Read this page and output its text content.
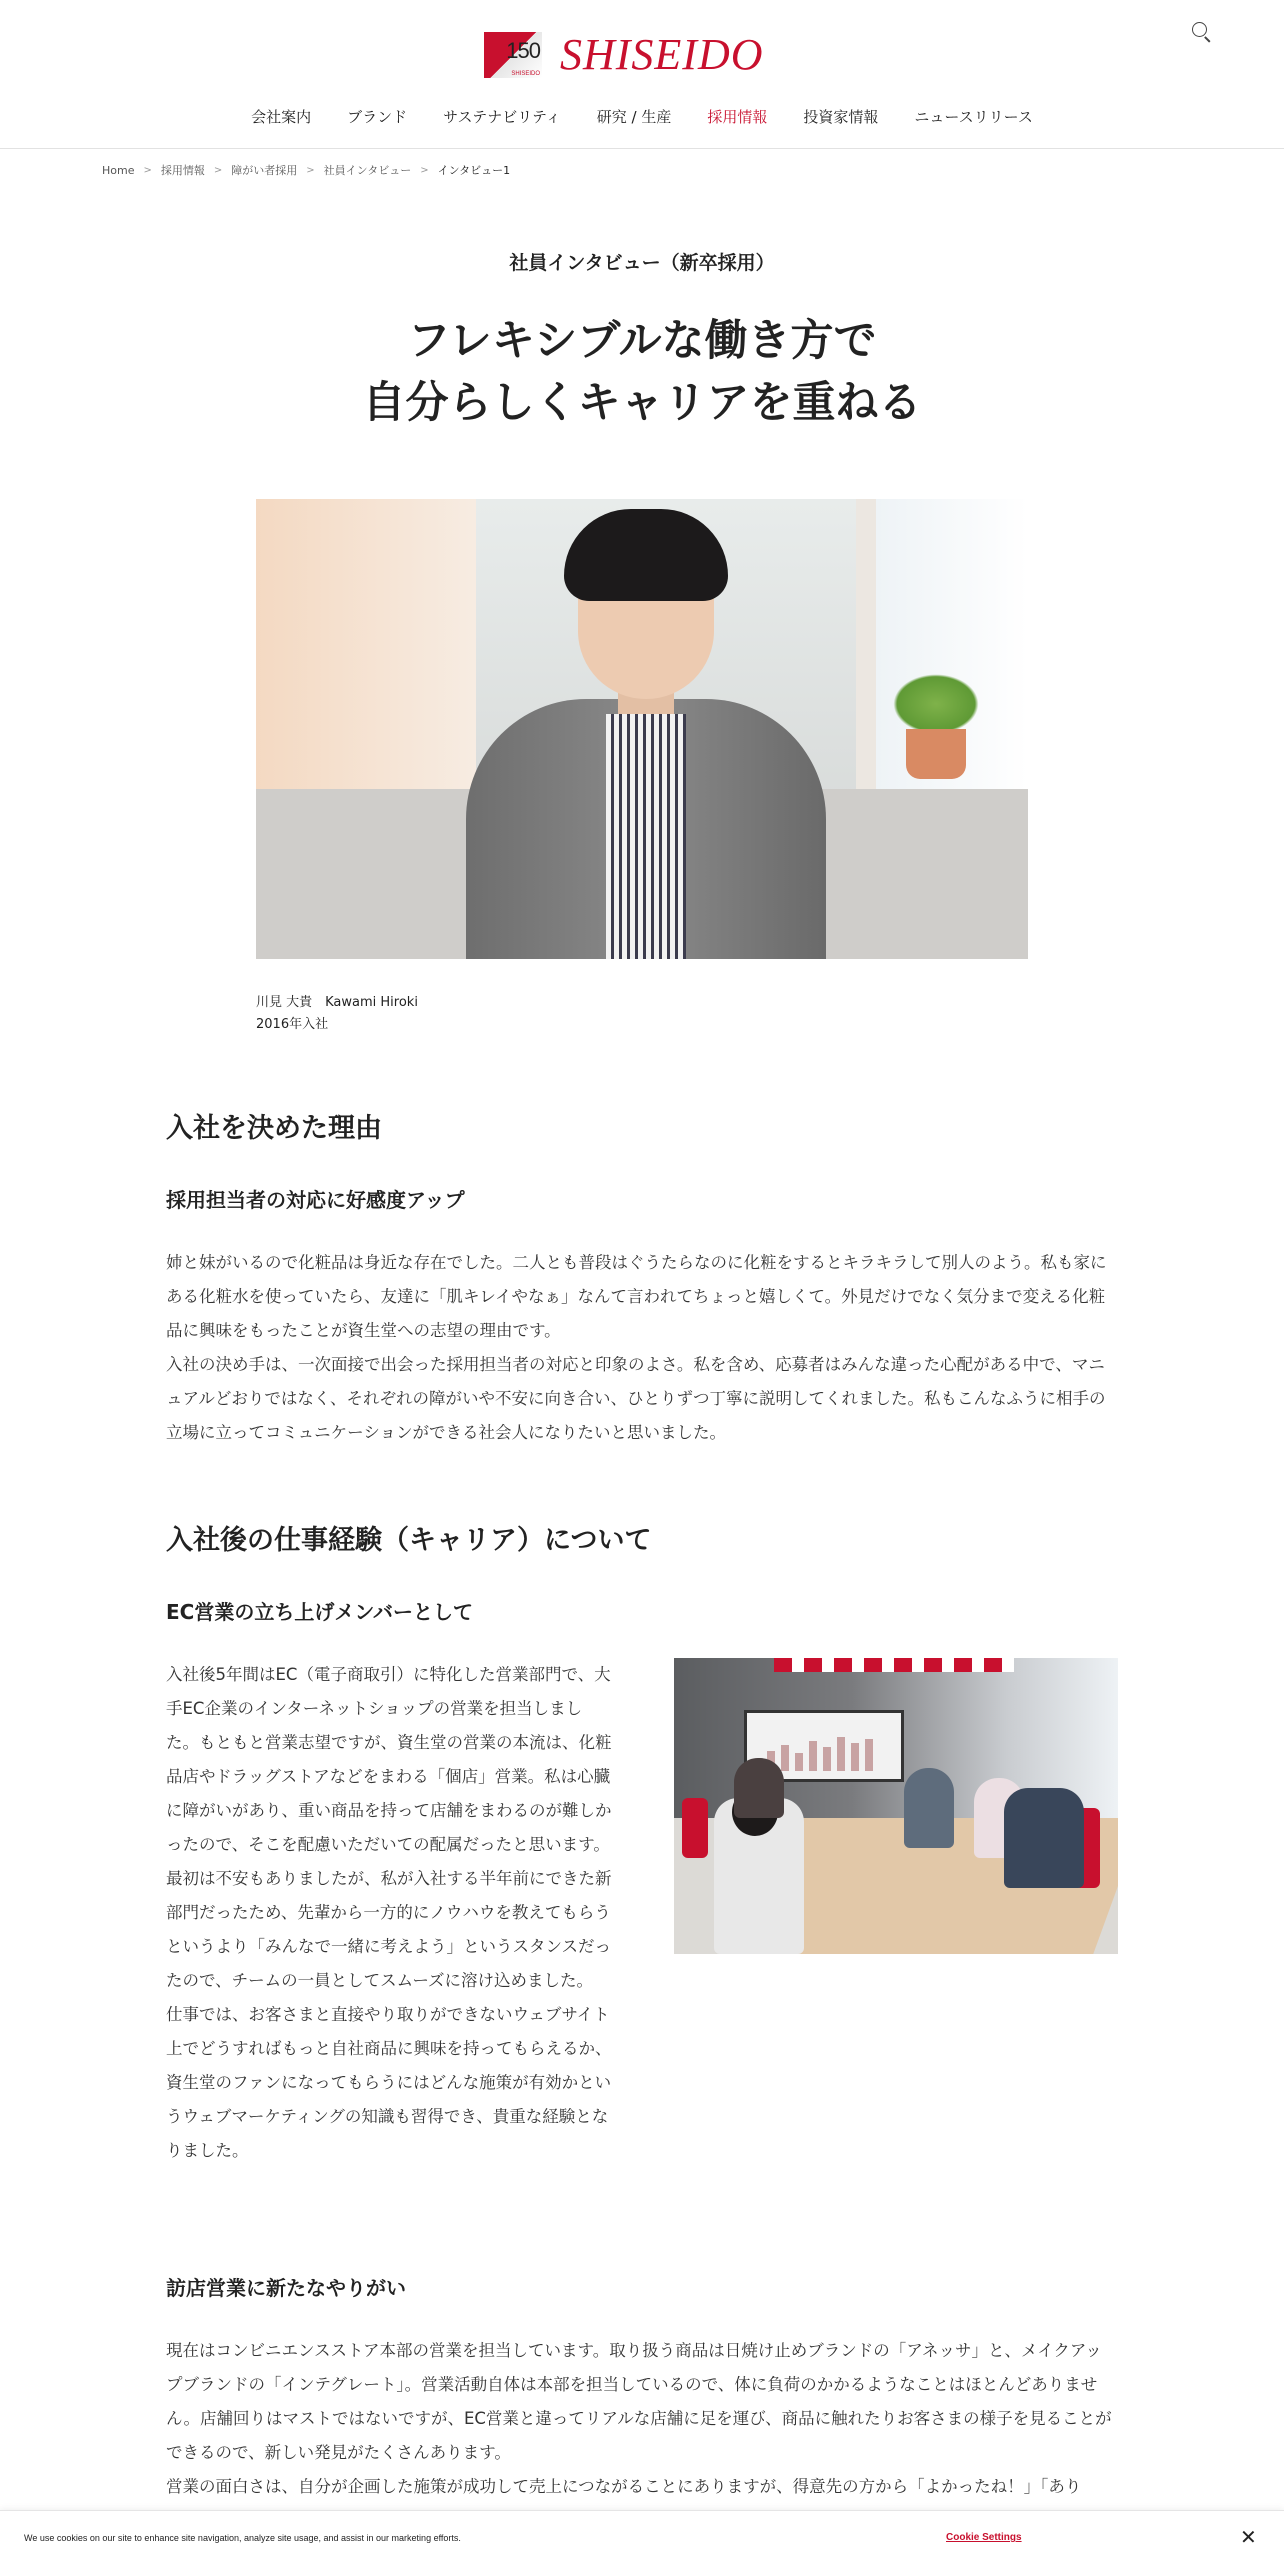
150
SHISEIDO SHISEIDO
会社案内 ブランド サステナビリティ 研究 / 生産 採用情報 投資家情報 ニュースリリース
Home > 採用情報 > 障がい者採用 > 社員インタビュー > インタビュー1
社員インタビュー（新卒採用）
フレキシブルな働き方で
自分らしくキャリアを重ねる
川見 大貴　Kawami Hiroki
2016年入社
入社を決めた理由
採用担当者の対応に好感度アップ

姉と妹がいるので化粧品は身近な存在でした。二人とも普段はぐうたらなのに化粧をするとキラキラして別人のよう。私も家にある化粧水を使っていたら、友達に「肌キレイやなぁ」なんて言われてちょっと嬉しくて。外見だけでなく気分まで変える化粧品に興味をもったことが資生堂への志望の理由です。

入社の決め手は、一次面接で出会った採用担当者の対応と印象のよさ。私を含め、応募者はみんな違った心配がある中で、マニュアルどおりではなく、それぞれの障がいや不安に向き合い、ひとりずつ丁寧に説明してくれました。私もこんなふうに相手の立場に立ってコミュニケーションができる社会人になりたいと思いました。

入社後の仕事経験（キャリア）について
EC営業の立ち上げメンバーとして

入社後5年間はEC（電子商取引）に特化した営業部門で、大手EC企業のインターネットショップの営業を担当しました。もともと営業志望ですが、資生堂の営業の本流は、化粧品店やドラッグストアなどをまわる「個店」営業。私は心臓に障がいがあり、重い商品を持って店舗をまわるのが難しかったので、そこを配慮いただいての配属だったと思います。

最初は不安もありましたが、私が入社する半年前にできた新部門だったため、先輩から一方的にノウハウを教えてもらうというより「みんなで一緒に考えよう」というスタンスだったので、チームの一員としてスムーズに溶け込めました。

仕事では、お客さまと直接やり取りができないウェブサイト上でどうすればもっと自社商品に興味を持ってもらえるか、資生堂のファンになってもらうにはどんな施策が有効かというウェブマーケティングの知識も習得でき、貴重な経験となりました。

訪店営業に新たなやりがい

現在はコンビニエンスストア本部の営業を担当しています。取り扱う商品は日焼け止めブランドの「アネッサ」と、メイクアップブランドの「インテグレート」。営業活動自体は本部を担当しているので、体に負荷のかかるようなことはほとんどありません。店舗回りはマストではないですが、EC営業と違ってリアルな店舗に足を運び、商品に触れたりお客さまの様子を見ることができるので、新しい発見がたくさんあります。

営業の面白さは、自分が企画した施策が成功して売上につながることにありますが、得意先の方から「よかったね！」「あり

We use cookies on our site to enhance site navigation, analyze site usage, and assist in our marketing efforts.	Cookie Settings	✕
